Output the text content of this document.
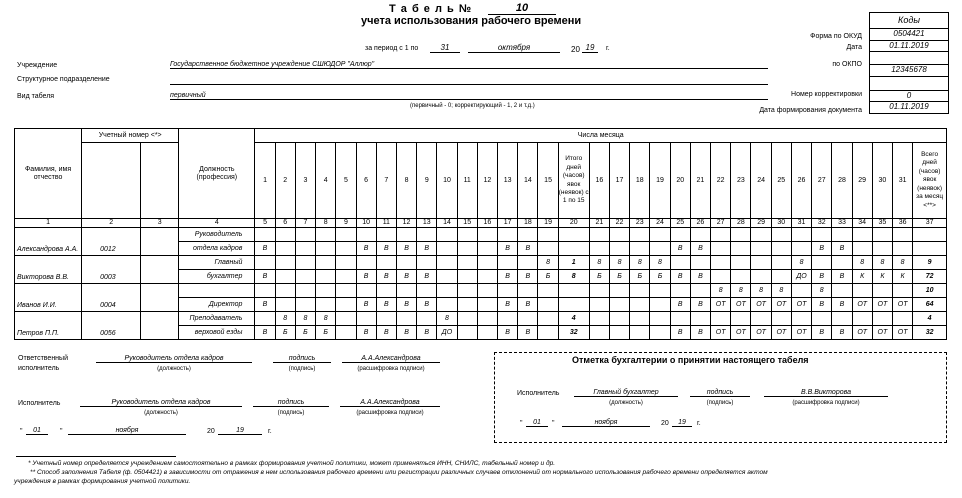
Т а б е л ь №	10
учета использования рабочего времени
за период с 1 по	31	октября	20 19	г.
Коды
0504421
01.11.2019
12345678
0
01.11.2019
Форма по ОКУД
Дата
по ОКПО
Номер корректировки
Дата формирования документа
Учреждение	Государственное бюджетное учреждение СШЮДОР "Аллюр"
Структурное подразделение
Вид табеля	первичный
(первичный - 0; корректирующий - 1, 2 и т.д.)
Фамилия, имя отчество	Учетный номер <*>		Должность (профессия)	Числа месяца																																
				1	2	3	4	5	6	7	8	9	10	11	12	13	14	15	Итого дней (часов) явок (неявок) с 1 по 15	16	17	18	19	20	21	22	23	24	25	26	27	28	29	30	31	Всего дней (часов) явок (неявок) за месяц <**>
1	2	3	4	5	6	7	8	9	10	11	12	13	14	15	16	17	18	19	20	21	22	23	24	25	26	27	28	29	30	31	32	33	34	35	36	37
Александрова А.А.	0012		Руководитель																																	
			отдела кадров	В					В	В	В	В				В	В							В	В						В	В				
Викторова В.В.	0003		Главный															8	1	8	8	8	8							8			8	8	8	9
			бухгалтер	В					В	В	В	В				В	В	Б	8	Б	Б	Б	Б	В	В					ДО	В	В	К	К	К	72
Иванов И.И.	0004																									8	8	8	8		8					10
			Директор	В					В	В	В	В				В	В							В	В	ОТ	ОТ	ОТ	ОТ	ОТ	В	В	ОТ	ОТ	ОТ	64
Петров П.П.	0056		Преподаватель		8	8	8						8						4																	4
			верховой езды	В	Б	Б	Б		В	В	В	В	ДО			В	В		32					В	В	ОТ	ОТ	ОТ	ОТ	ОТ	В	В	ОТ	ОТ	ОТ	32
Ответственный исполнитель
Руководитель отдела кадров
(должность)
подпись
(подпись)
А.А.Александрова
(расшифровка подписи)
Исполнитель	Руководитель отдела кадров
(должность)
подпись
(подпись)
А.А.Александрова
(расшифровка подписи)
"	01	"	ноября	20	19	г.
Отметка бухгалтерии о принятии настоящего табеля
Исполнитель	Главный бухгалтер
(должность)
подпись
(подпись)
В.В.Викторова
(расшифровка подписи)
"	01	"	ноября	20	19	г.
* Учетный номер определяется учреждением самостоятельно в рамках формирования учетной политики, может применяться ИНН, СНИЛС, табельный номер и др.
** Способ заполнения Табеля (ф. 0504421) в зависимости от отражения в нем использования рабочего времени или регистрации различных случаев отклонений от нормального использования рабочего времени определяется актом
учреждения в рамках формирования учетной политики.
